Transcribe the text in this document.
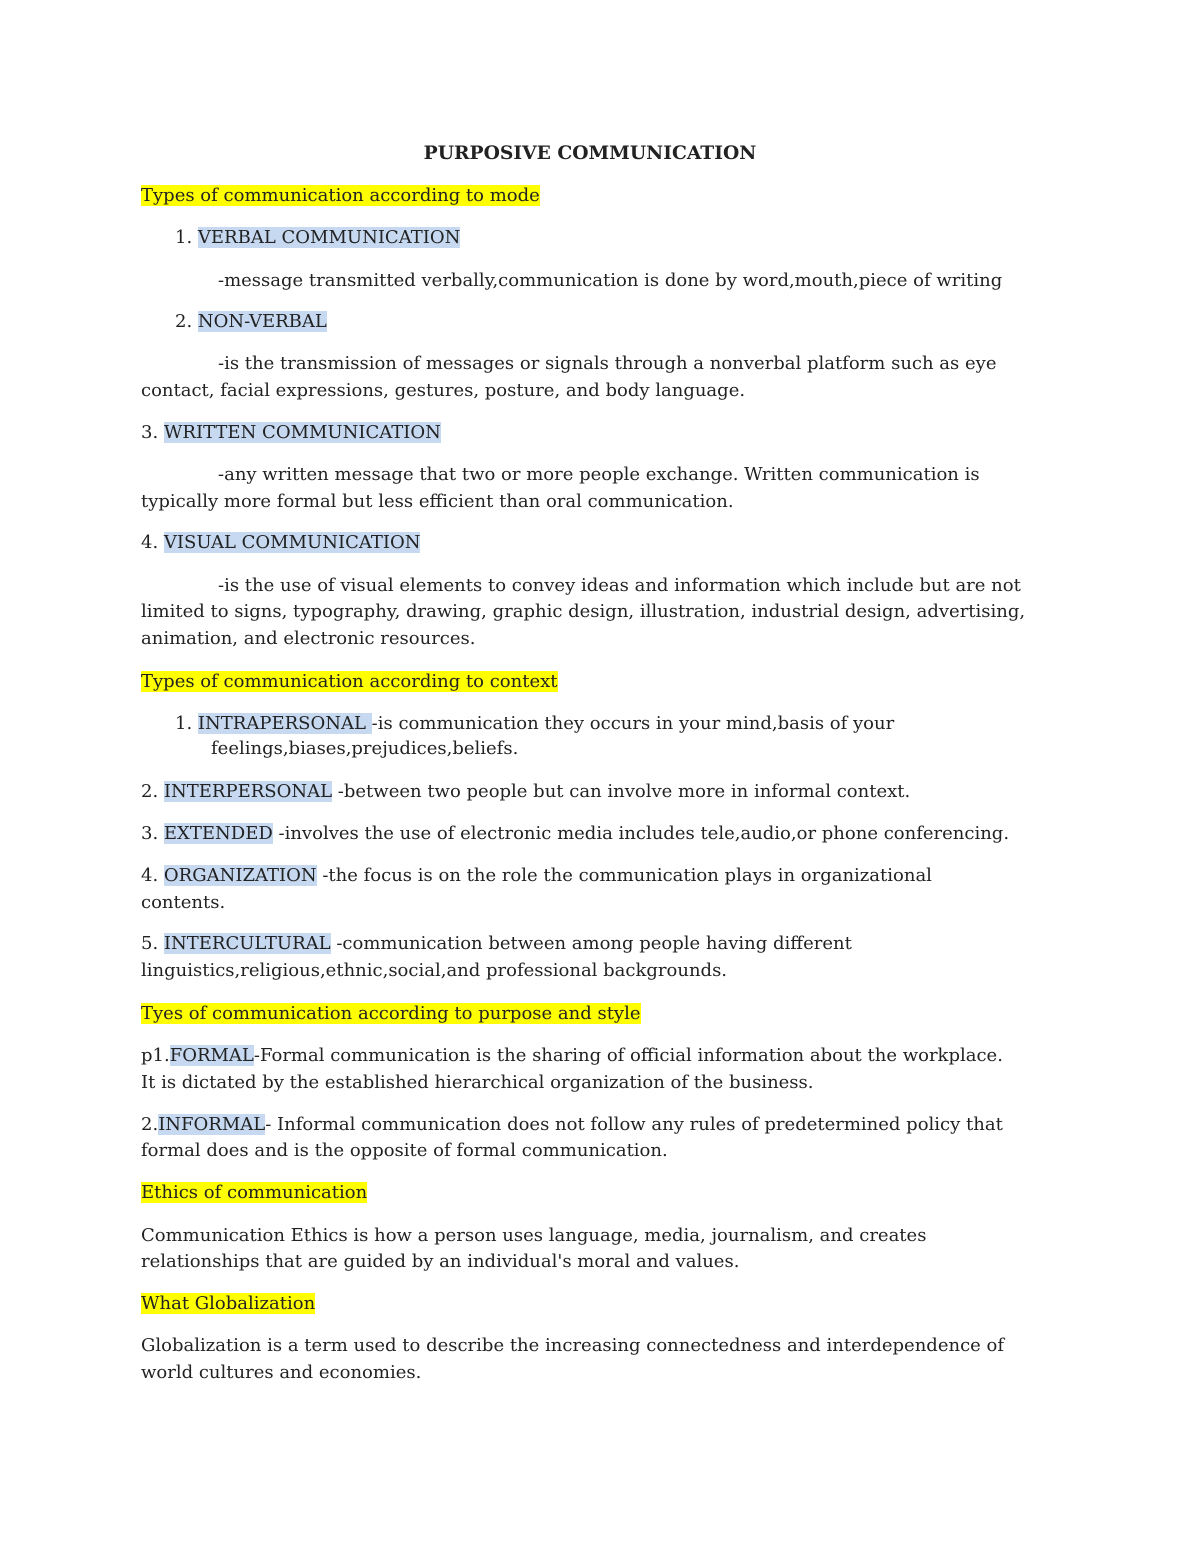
PURPOSIVE COMMUNICATION

Types of communication according to mode

1. VERBAL COMMUNICATION

-message transmitted verbally,communication is done by word,mouth,piece of writing

2. NON-VERBAL

-is the transmission of messages or signals through a nonverbal platform such as eye

contact, facial expressions, gestures, posture, and body language.

3. WRITTEN COMMUNICATION

-any written message that two or more people exchange. Written communication is

typically more formal but less efficient than oral communication.

4. VISUAL COMMUNICATION

-is the use of visual elements to convey ideas and information which include but are not

limited to signs, typography, drawing, graphic design, illustration, industrial design, advertising,

animation, and electronic resources.

Types of communication according to context

1. INTRAPERSONAL -is communication they occurs in your mind,basis of your

feelings,biases,prejudices,beliefs.

2. INTERPERSONAL -between two people but can involve more in informal context.

3. EXTENDED -involves the use of electronic media includes tele,audio,or phone conferencing.

4. ORGANIZATION -the focus is on the role the communication plays in organizational

contents.

5. INTERCULTURAL -communication between among people having different

linguistics,religious,ethnic,social,and professional backgrounds.

Tyes of communication according to purpose and style

p1.FORMAL-Formal communication is the sharing of official information about the workplace.

It is dictated by the established hierarchical organization of the business.

2.INFORMAL- Informal communication does not follow any rules of predetermined policy that

formal does and is the opposite of formal communication.

Ethics of communication

Communication Ethics is how a person uses language, media, journalism, and creates

relationships that are guided by an individual's moral and values.

What Globalization

Globalization is a term used to describe the increasing connectedness and interdependence of

world cultures and economies.
